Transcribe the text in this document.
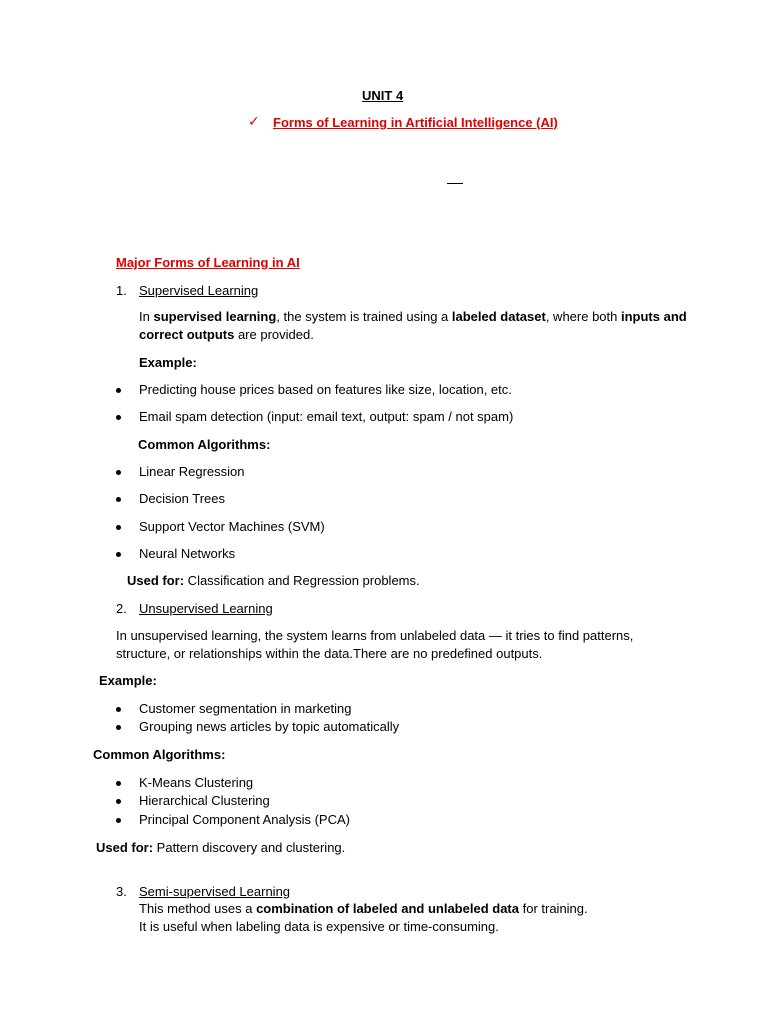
UNIT 4
✓ Forms of Learning in Artificial Intelligence (AI)
Major Forms of Learning in AI
1. Supervised Learning
In supervised learning, the system is trained using a labeled dataset, where both inputs and
correct outputs are provided.
Example:
Predicting house prices based on features like size, location, etc.
Email spam detection (input: email text, output: spam / not spam)
Common Algorithms:
Linear Regression
Decision Trees
Support Vector Machines (SVM)
Neural Networks
Used for: Classification and Regression problems.
2. Unsupervised Learning
In unsupervised learning, the system learns from unlabeled data — it tries to find patterns,
structure, or relationships within the data.There are no predefined outputs.
Example:
Customer segmentation in marketing
Grouping news articles by topic automatically
Common Algorithms:
K-Means Clustering
Hierarchical Clustering
Principal Component Analysis (PCA)
Used for: Pattern discovery and clustering.
3. Semi-supervised Learning
This method uses a combination of labeled and unlabeled data for training.
It is useful when labeling data is expensive or time-consuming.
